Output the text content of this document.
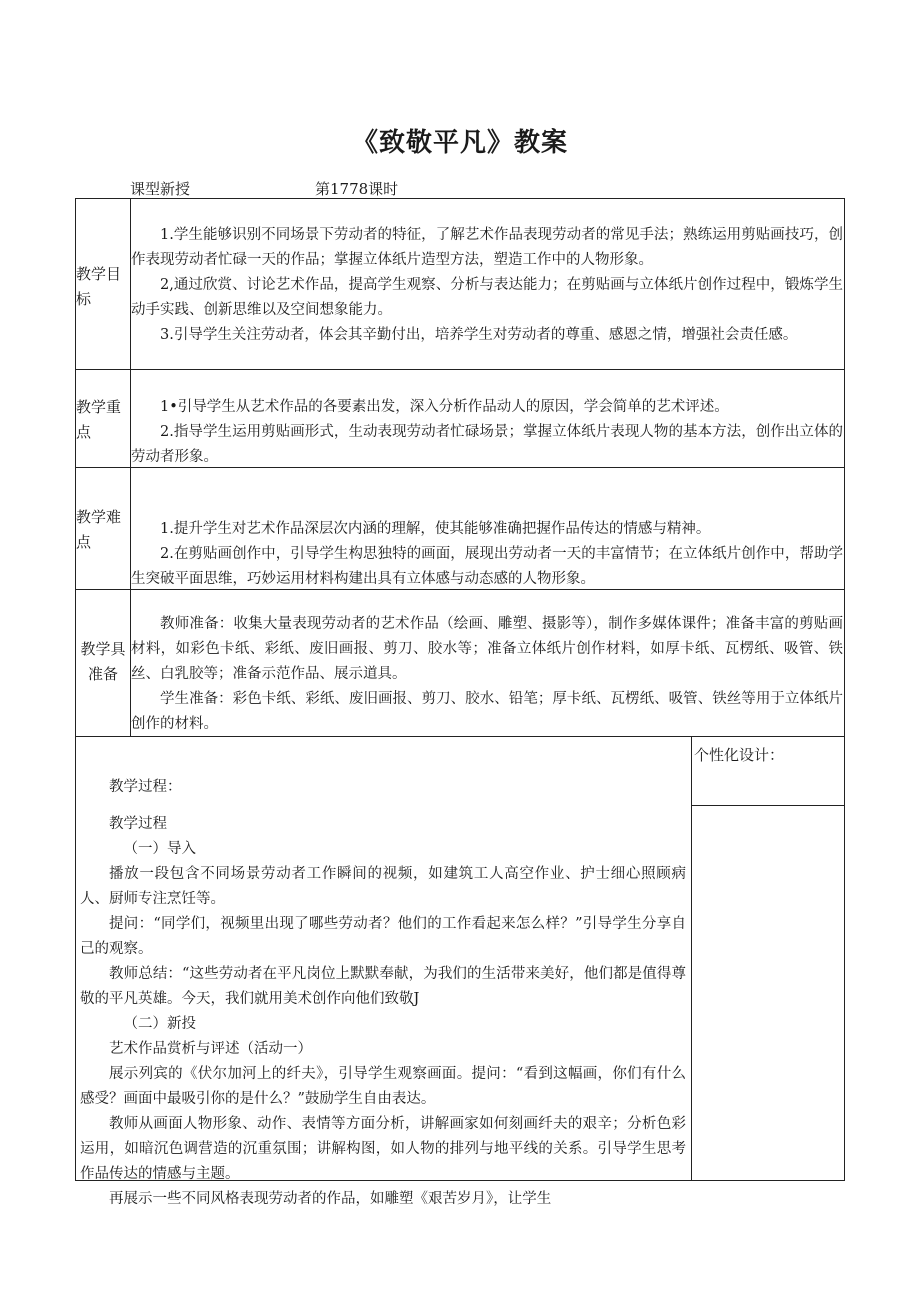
《致敬平凡》教案
课型新授	第1778课时
教学目标

1.学生能够识别不同场景下劳动者的特征，了解艺术作品表现劳动者的常见手法；熟练运用剪贴画技巧，创作表现劳动者忙碌一天的作品；掌握立体纸片造型方法，塑造工作中的人物形象。

2,通过欣赏、讨论艺术作品，提高学生观察、分析与表达能力；在剪贴画与立体纸片创作过程中，锻炼学生动手实践、创新思维以及空间想象能力。

3.引导学生关注劳动者，体会其辛勤付出，培养学生对劳动者的尊重、感恩之情，增强社会责任感。

教学重点

1•引导学生从艺术作品的各要素出发，深入分析作品动人的原因，学会简单的艺术评述。

2.指导学生运用剪贴画形式，生动表现劳动者忙碌场景；掌握立体纸片表现人物的基本方法，创作出立体的劳动者形象。

教学难点

1.提升学生对艺术作品深层次内涵的理解，使其能够准确把握作品传达的情感与精神。

2.在剪贴画创作中，引导学生构思独特的画面，展现出劳动者一天的丰富情节；在立体纸片创作中，帮助学生突破平面思维，巧妙运用材料构建出具有立体感与动态感的人物形象。

教学具准备

教师准备：收集大量表现劳动者的艺术作品（绘画、雕塑、摄影等），制作多媒体课件；准备丰富的剪贴画材料，如彩色卡纸、彩纸、废旧画报、剪刀、胶水等；准备立体纸片创作材料，如厚卡纸、瓦楞纸、吸管、铁丝、白乳胶等；准备示范作品、展示道具。

学生准备：彩色卡纸、彩纸、废旧画报、剪刀、胶水、铅笔；厚卡纸、瓦楞纸、吸管、铁丝等用于立体纸片创作的材料。

教学过程：

教学过程

（一）导入

播放一段包含不同场景劳动者工作瞬间的视频，如建筑工人高空作业、护士细心照顾病人、厨师专注烹饪等。

提问：“同学们，视频里出现了哪些劳动者？他们的工作看起来怎么样？”引导学生分享自己的观察。

教师总结：“这些劳动者在平凡岗位上默默奉献，为我们的生活带来美好，他们都是值得尊敬的平凡英雄。今天，我们就用美术创作向他们致敬J

（二）新投

艺术作品赏析与评述（活动一）

展示列宾的《伏尔加河上的纤夫》，引导学生观察画面。提问：“看到这幅画，你们有什么感受？画面中最吸引你的是什么？”鼓励学生自由表达。

教师从画面人物形象、动作、表情等方面分析，讲解画家如何刻画纤夫的艰辛；分析色彩运用，如暗沉色调营造的沉重氛围；讲解构图，如人物的排列与地平线的关系。引导学生思考作品传达的情感与主题。

再展示一些不同风格表现劳动者的作品，如雕塑《艰苦岁月》，让学生

个性化设计：
